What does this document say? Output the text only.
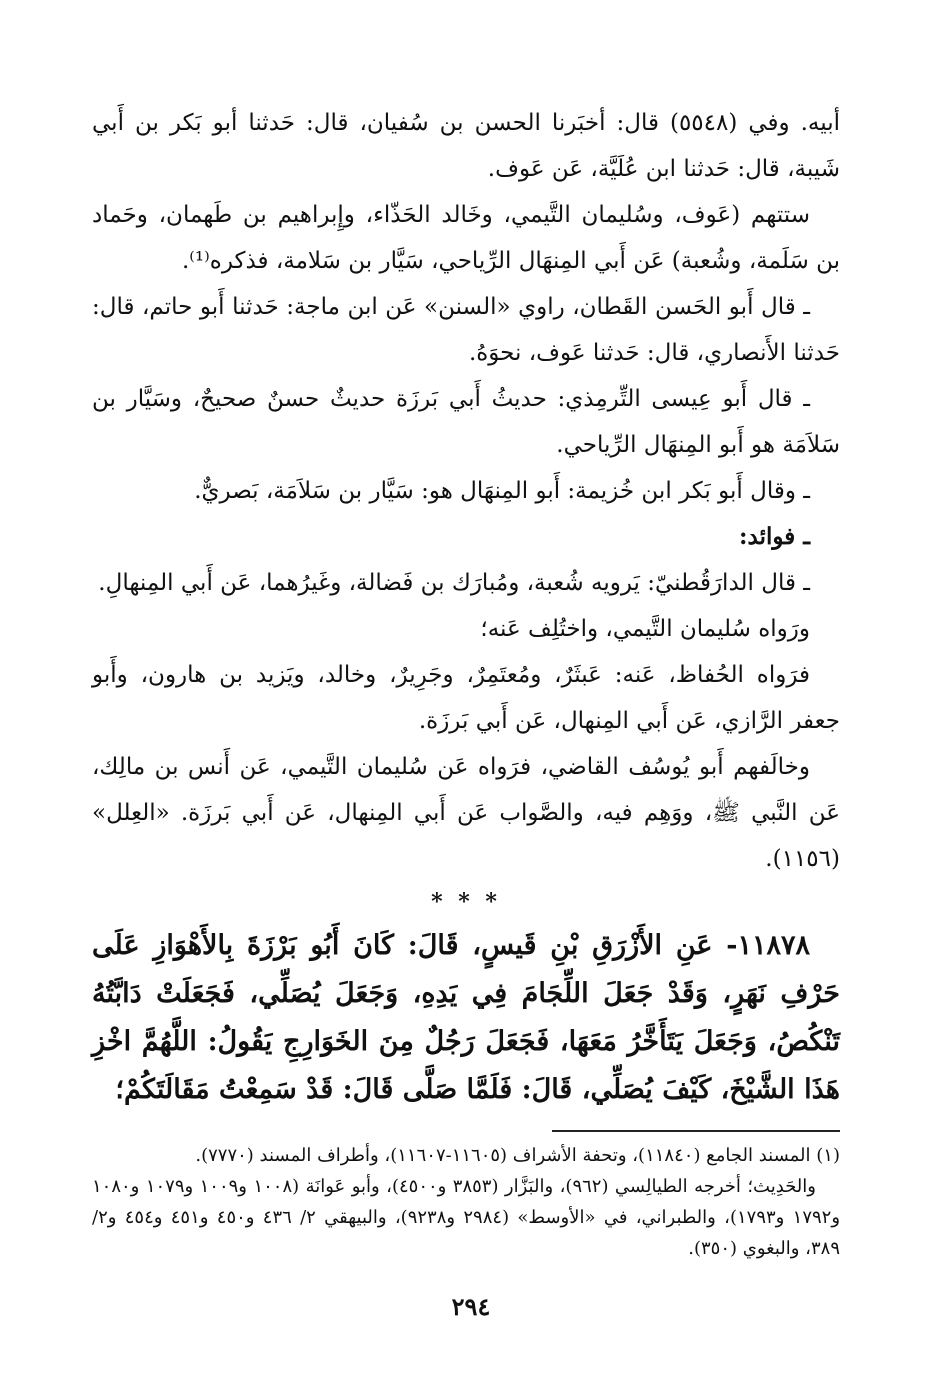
أبيه. وفي (٥٥٤٨) قال: أخبَرنا الحسن بن سُفيان، قال: حَدثنا أبو بَكر بن أَبي شَيبة، قال: حَدثنا ابن عُلَيَّة، عَن عَوف.

ستتهم (عَوف، وسُليمان التَّيمي، وخَالد الحَذّاء، وإِبراهيم بن طَهمان، وحَماد بن سَلَمة، وشُعبة) عَن أَبي المِنهَال الرِّياحي، سَيَّار بن سَلامة، فذكره⁽¹⁾.

ـ قال أَبو الحَسن القَطان، راوي «السنن» عَن ابن ماجة: حَدثنا أَبو حاتم، قال: حَدثنا الأَنصاري، قال: حَدثنا عَوف، نحوَهُ.

ـ قال أَبو عِيسى التِّرمِذي: حديثُ أَبي بَرزَة حديثٌ حسنٌ صحيحٌ، وسَيَّار بن سَلاَمَة هو أَبو المِنهَال الرِّياحي.

ـ وقال أَبو بَكر ابن خُزيمة: أَبو المِنهَال هو: سَيَّار بن سَلاَمَة، بَصريٌّ.

ـ فوائد:

ـ قال الدارَقُطنيّ: يَرويه شُعبة، ومُبارَك بن فَضالة، وغَيرُهما، عَن أَبي المِنهالِ.

ورَواه سُليمان التَّيمي، واختُلِف عَنه؛

فرَواه الحُفاظ، عَنه: عَبثَرٌ، ومُعتَمِرٌ، وجَرِيرٌ، وخالد، ويَزيد بن هارون، وأَبو جعفر الرَّازي، عَن أَبي المِنهال، عَن أَبي بَرزَة.

وخالَفهم أَبو يُوسُف القاضي، فرَواه عَن سُليمان التَّيمي، عَن أَنس بن مالِك، عَن النَّبي ﷺ، ووَهِم فيه، والصَّواب عَن أَبي المِنهال، عَن أَبي بَرزَة. «العِلل» (١١٥٦).

* * *

١١٨٧٨- عَنِ الأَزْرَقِ بْنِ قَيسٍ، قَالَ: كَانَ أَبُو بَرْزَةَ بِالأَهْوَازِ عَلَى حَرْفِ نَهَرٍ، وَقَدْ جَعَلَ اللِّجَامَ فِي يَدِهِ، وَجَعَلَ يُصَلِّي، فَجَعَلَتْ دَابَّتُهُ تَنْكُصُ، وَجَعَلَ يَتَأَخَّرُ مَعَهَا، فَجَعَلَ رَجُلٌ مِنَ الخَوَارِجِ يَقُولُ: اللَّهُمَّ اخْزِ هَذَا الشَّيْخَ، كَيْفَ يُصَلِّي، قَالَ: فَلَمَّا صَلَّى قَالَ: قَدْ سَمِعْتُ مَقَالَتَكُمْ؛

(١) المسند الجامع (١١٨٤٠)، وتحفة الأشراف (١١٦٠٥-١١٦٠٧)، وأطراف المسند (٧٧٧٠).

والحَدِيث؛ أخرجه الطيالِسي (٩٦٢)، والبَزَّار (٣٨٥٣ و٤٥٠٠)، وأبو عَوانَة (١٠٠٨ و١٠٠٩ و١٠٧٩ و١٠٨٠ و١٧٩٢ و١٧٩٣)، والطبراني، في «الأوسط» (٢٩٨٤ و٩٢٣٨)، والبيهقي ٢/ ٤٣٦ و٤٥٠ و٤٥١ و٤٥٤ و٢/ ٣٨٩، والبغوي (٣٥٠).

٢٩٤
